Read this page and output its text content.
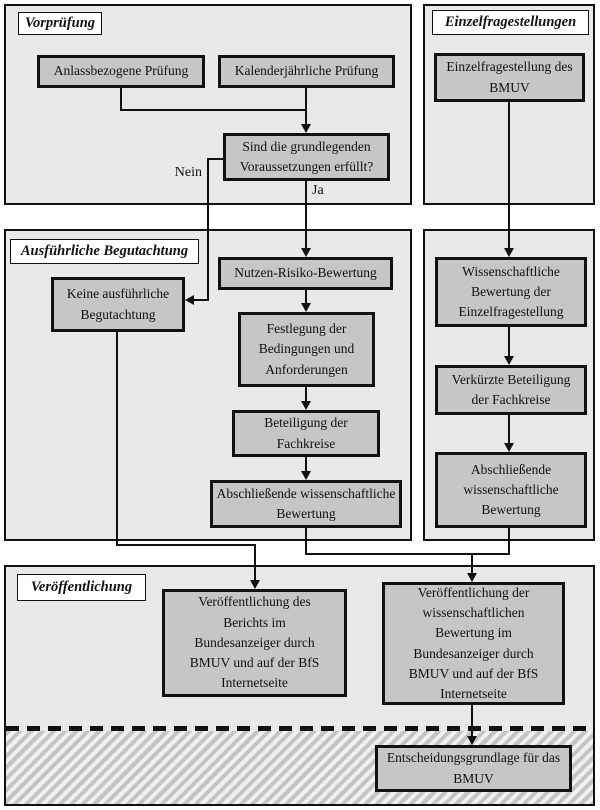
Vorprüfung	Einzelfragestellungen
Ausführliche Begutachtung
Veröffentlichung
Nein
Ja
Anlassbezogene Prüfung	Kalenderjährliche Prüfung
Sind die grundlegenden Voraussetzungen erfüllt?
Einzelfragestellung des BMUV
Keine ausführliche Begutachtung
Nutzen-Risiko-Bewertung
Festlegung der Bedingungen und Anforderungen
Beteiligung der Fachkreise
Abschließende wissenschaftliche Bewertung
Wissenschaftliche Bewertung der Einzelfragestellung
Verkürzte Beteiligung der Fachkreise
Abschließende wissenschaftliche Bewertung
Veröffentlichung des Berichts im Bundesanzeiger durch BMUV und auf der BfS Internetseite
Veröffentlichung der wissenschaftlichen Bewertung im Bundesanzeiger durch BMUV und auf der BfS Internetseite
Entscheidungsgrundlage für das BMUV
